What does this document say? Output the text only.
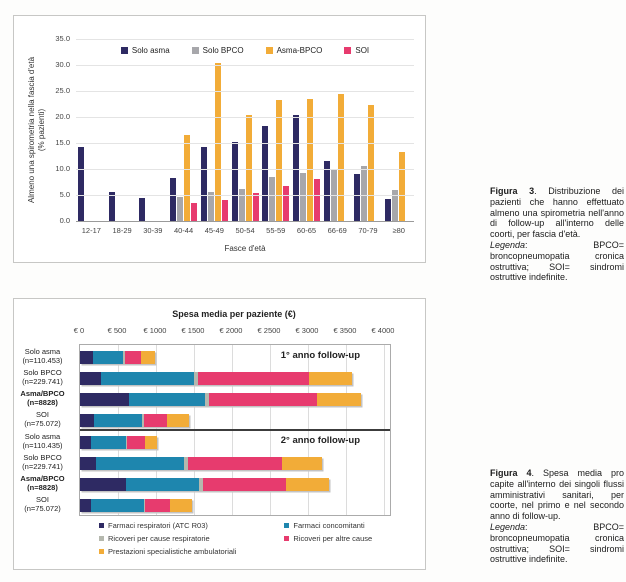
Almeno una spirometria nella fascia d'età
(% pazienti)
35.0
30.0
25.0
20.0
15.0
10.0
5.0
0.0
Solo asma	Solo BPCO	Asma-BPCO	SOI
12-17	18-29	30-39	40-44	45-49	50-54	55-59	60-65	66-69	70-79	≥80
Fasce d'età

Figura 3. Distribuzione dei pazienti che hanno effettuato almeno una spirometria nell'anno di follow-up all'interno delle coorti, per fascia d'età.

Legenda: BPCO= broncopneumopatia cronica ostruttiva; SOI= sindromi ostruttive indefinite.

Spesa media per paziente (€)
€ 0	€ 500	€ 1000	€ 1500	€ 2000	€ 2500	€ 3000	€ 3500	€ 4000
Solo asma
(n=110.453)
Solo BPCO
(n=229.741)
Asma/BPCO
(n=8828)
SOI
(n=75.072)
Solo asma
(n=110.435)
Solo BPCO
(n=229.741)
Asma/BPCO
(n=8828)
SOI
(n=75.072)
1° anno follow-up
2° anno follow-up
Farmaci respiratori (ATC R03)
Ricoveri per cause respiratorie
Prestazioni specialistiche ambulatoriali
Farmaci concomitanti
Ricoveri per altre cause

Figura 4. Spesa media pro capite all'interno dei singoli flussi amministrativi sanitari, per coorte, nel primo e nel secondo anno di follow-up.

Legenda: BPCO= broncopneumopatia cronica ostruttiva; SOI= sindromi ostruttive indefinite.
